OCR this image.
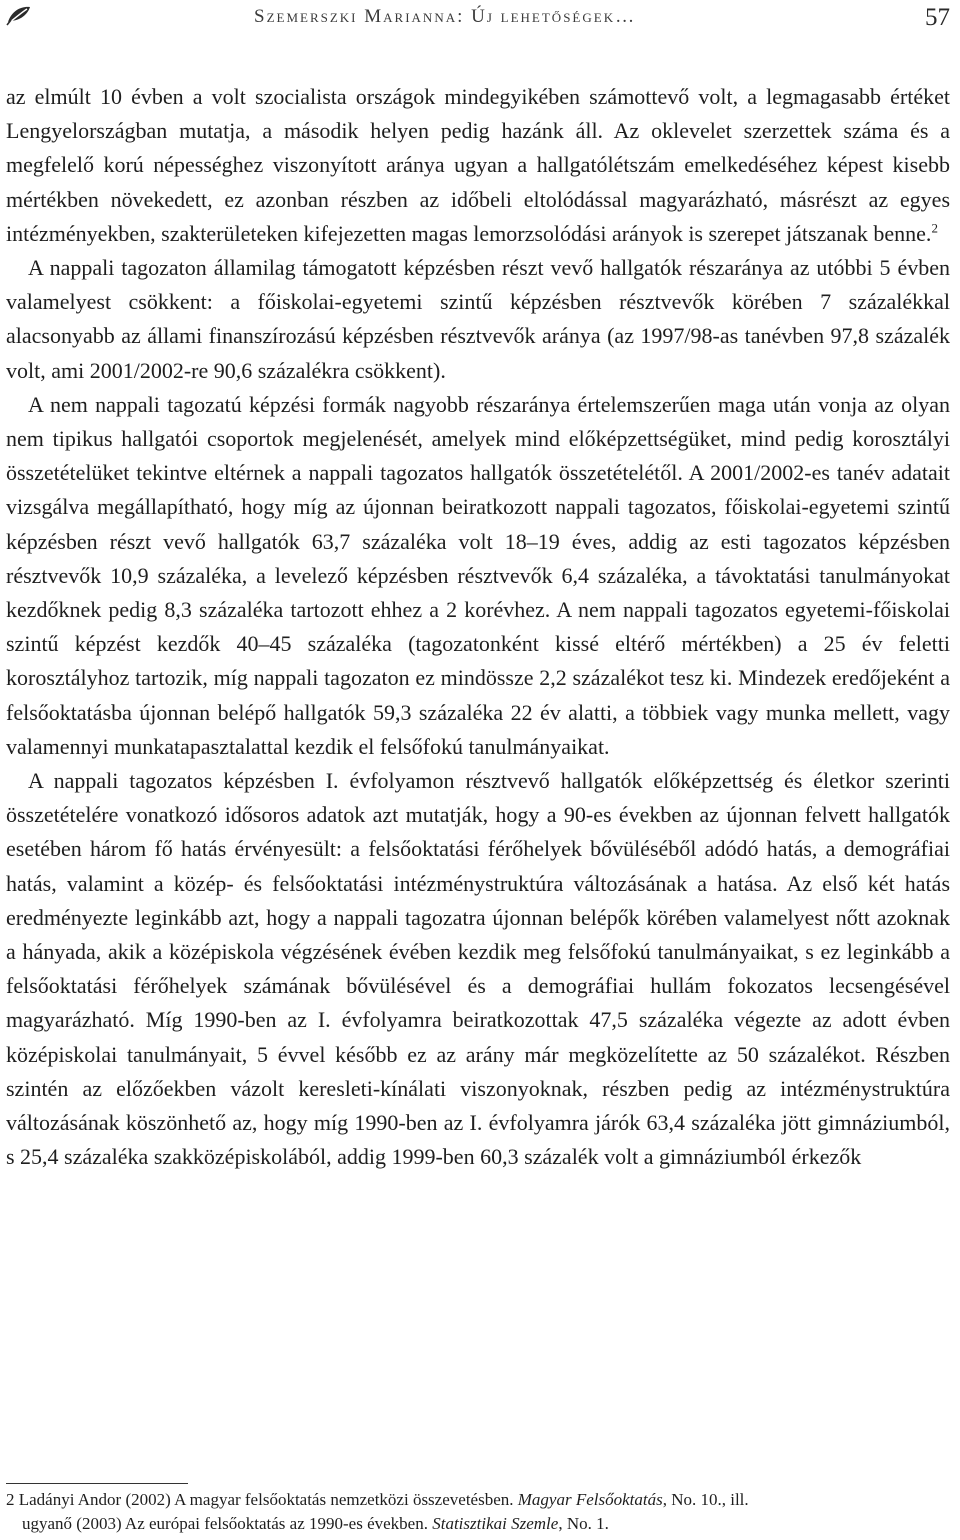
Szemerszki Marianna: Új lehetőségek…	57

az elmúlt 10 évben a volt szocialista országok mindegyikében számottevő volt, a legmagasabb értéket Lengyelországban mutatja, a második helyen pedig hazánk áll. Az oklevelet szerzettek száma és a megfelelő korú népességhez viszonyított aránya ugyan a hallgatólétszám emelkedéséhez képest kisebb mértékben növekedett, ez azonban részben az időbeli eltolódással magyarázható, másrészt az egyes intézményekben, szakterületeken kifejezetten magas lemorzsolódási arányok is szerepet játszanak benne.$^2$

A nappali tagozaton államilag támogatott képzésben részt vevő hallgatók részaránya az utóbbi 5 évben valamelyest csökkent: a főiskolai-egyetemi szintű képzésben résztvevők körében 7 százalékkal alacsonyabb az állami finanszírozású képzésben résztvevők aránya (az 1997/98-as tanévben 97,8 százalék volt, ami 2001/2002-re 90,6 százalékra csökkent).

A nem nappali tagozatú képzési formák nagyobb részaránya értelemszerűen maga után vonja az olyan nem tipikus hallgatói csoportok megjelenését, amelyek mind előképzettségüket, mind pedig korosztályi összetételüket tekintve eltérnek a nappali tagozatos hallgatók összetételétől. A 2001/2002-es tanév adatait vizsgálva megállapítható, hogy míg az újonnan beiratkozott nappali tagozatos, főiskolai-egyetemi szintű képzésben részt vevő hallgatók 63,7 százaléka volt 18–19 éves, addig az esti tagozatos képzésben résztvevők 10,9 százaléka, a levelező képzésben résztvevők 6,4 százaléka, a távoktatási tanulmányokat kezdőknek pedig 8,3 százaléka tartozott ehhez a 2 korévhez. A nem nappali tagozatos egyetemi-főiskolai szintű képzést kezdők 40–45 százaléka (tagozatonként kissé eltérő mértékben) a 25 év feletti korosztályhoz tartozik, míg nappali tagozaton ez mindössze 2,2 százalékot tesz ki. Mindezek eredőjeként a felsőoktatásba újonnan belépő hallgatók 59,3 százaléka 22 év alatti, a többiek vagy munka mellett, vagy valamennyi munkatapasztalattal kezdik el felsőfokú tanulmányaikat.

A nappali tagozatos képzésben I. évfolyamon résztvevő hallgatók előképzettség és életkor szerinti összetételére vonatkozó idősoros adatok azt mutatják, hogy a 90-es években az újonnan felvett hallgatók esetében három fő hatás érvényesült: a felsőoktatási férőhelyek bővüléséből adódó hatás, a demográfiai hatás, valamint a közép- és felsőoktatási intézménystruktúra változásának a hatása. Az első két hatás eredményezte leginkább azt, hogy a nappali tagozatra újonnan belépők körében valamelyest nőtt azoknak a hányada, akik a középiskola végzésének évében kezdik meg felsőfokú tanulmányaikat, s ez leginkább a felsőoktatási férőhelyek számának bővülésével és a demográfiai hullám fokozatos lecsengésével magyarázható. Míg 1990-ben az I. évfolyamra beiratkozottak 47,5 százaléka végezte az adott évben középiskolai tanulmányait, 5 évvel később ez az arány már megközelítette az 50 százalékot. Részben szintén az előzőekben vázolt keresleti-kínálati viszonyoknak, részben pedig az intézménystruktúra változásának köszönhető az, hogy míg 1990-ben az I. évfolyamra járók 63,4 százaléka jött gimnáziumból, s 25,4 százaléka szakközépiskolából, addig 1999-ben 60,3 százalék volt a gimnáziumból érkezők

2 Ladányi Andor (2002) A magyar felsőoktatás nemzetközi összevetésben. Magyar Felsőoktatás, No. 10., ill.
ugyanő (2003) Az európai felsőoktatás az 1990-es években. Statisztikai Szemle, No. 1.
